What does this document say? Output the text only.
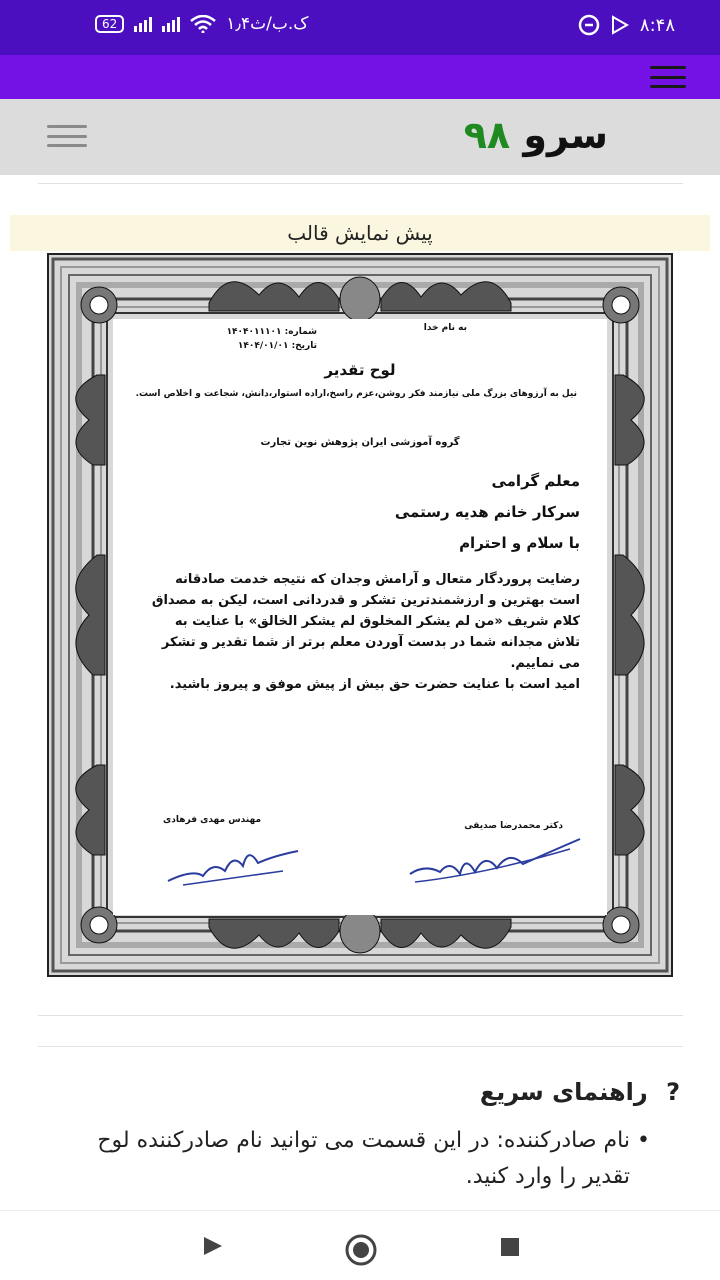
62	۱٫۴ک.ب/ث	۸:۴۸
سرو ۹۸
پیش نمایش قالب
به نام خدا
شماره: ۱۴۰۴۰۱۱۱۰۱
تاریخ: ۱۴۰۴/۰۱/۰۱
لوح تقدیر
نیل به آرزوهای بزرگ ملی نیازمند فکر روشن،عزم راسخ،اراده استوار،دانش، شجاعت و اخلاص است.
گروه آموزشی ایران پژوهش نوین تجارت
معلم گرامی
سرکار خانم هدیه رستمی
با سلام و احترام
رضایت پروردگار متعال و آرامش وجدان که نتیجه خدمت صادقانه
است بهترین و ارزشمندترین تشکر و قدردانی است، لیکن به مصداق
کلام شریف «من لم یشکر المخلوق لم یشکر الخالق» با عنایت به
تلاش مجدانه شما در بدست آوردن معلم برتر از شما تقدیر و تشکر
می نماییم.
امید است با عنایت حضرت حق بیش از پیش موفق و پیروز باشید.
مهندس مهدی فرهادی
دکتر محمدرضا صدیقی
? راهنمای سریع
• نام صادرکننده: در این قسمت می توانید نام صادرکننده لوح تقدیر را وارد کنید.
